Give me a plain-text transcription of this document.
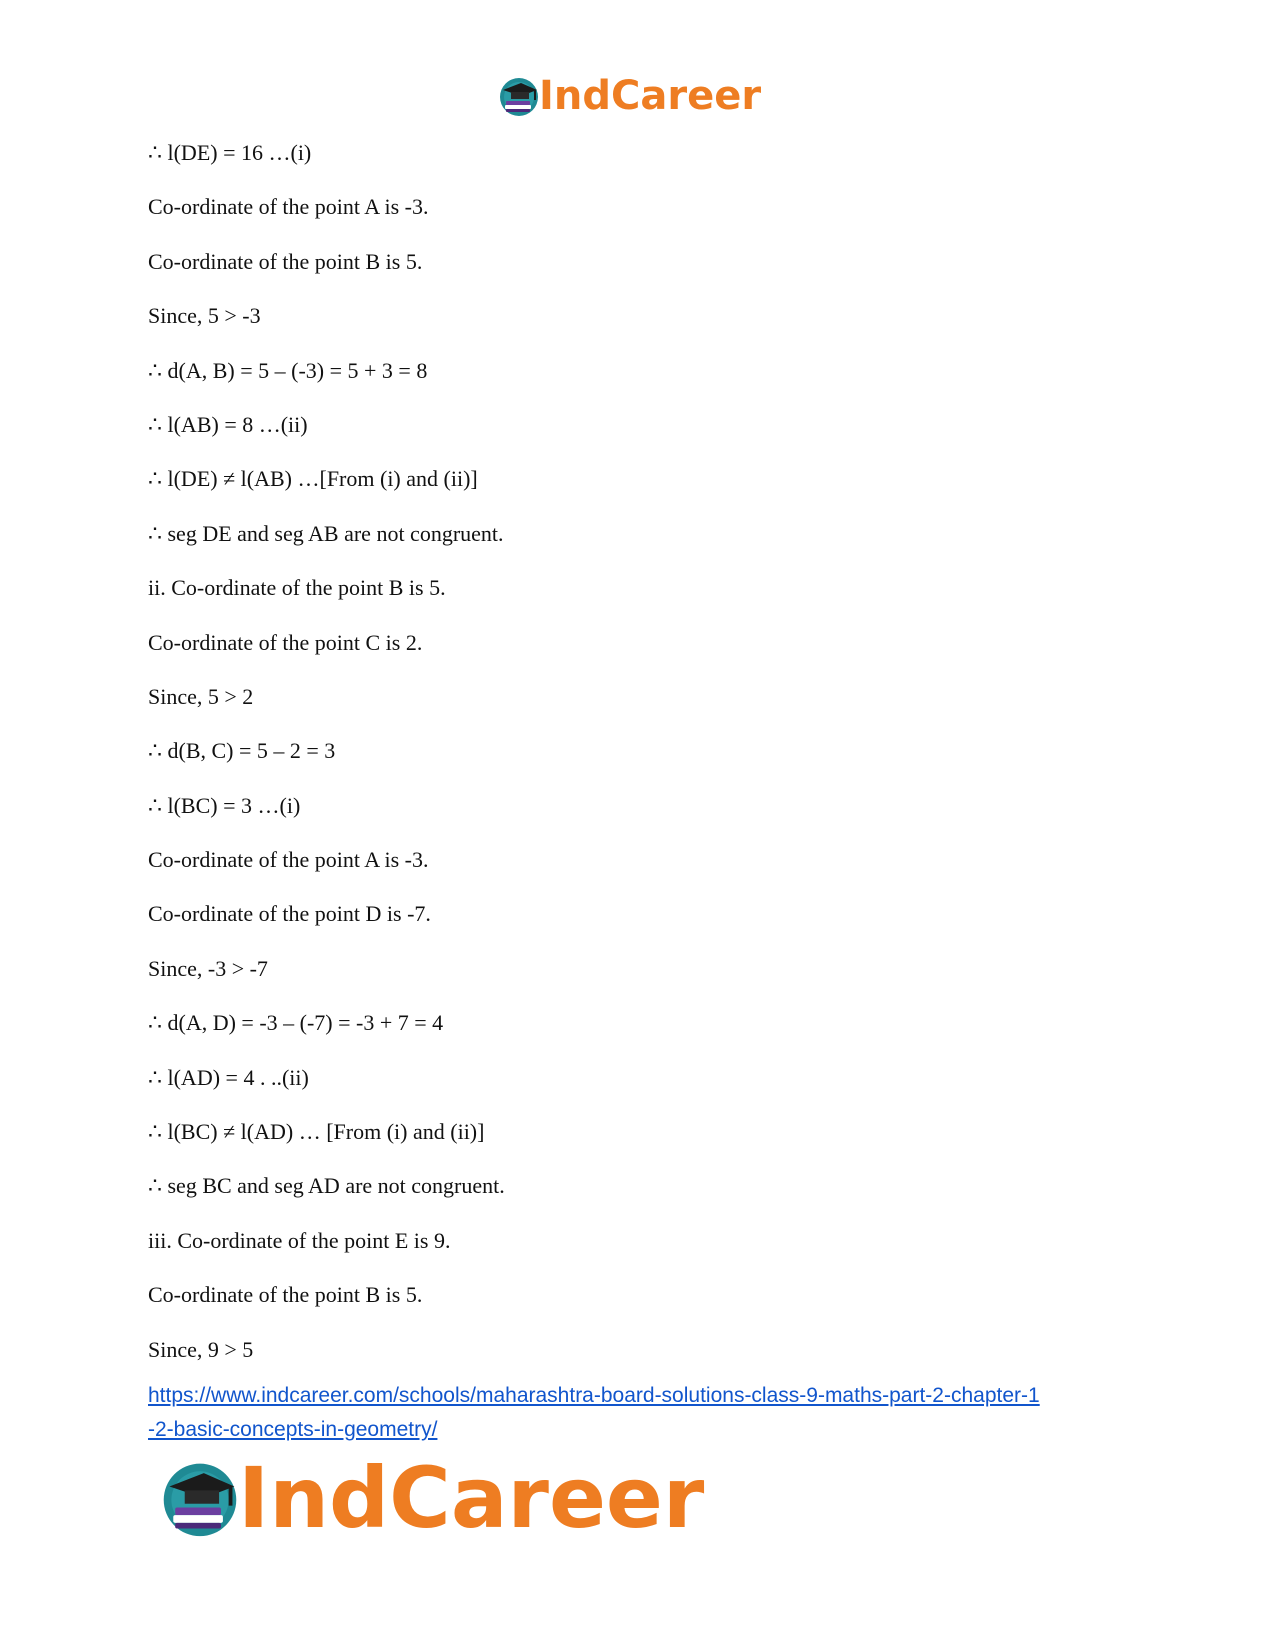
IndCareer
∴ l(DE) = 16 …(i)
Co-ordinate of the point A is -3.
Co-ordinate of the point B is 5.
Since, 5 > -3
∴ d(A, B) = 5 – (-3) = 5 + 3 = 8
∴ l(AB) = 8 …(ii)
∴ l(DE) ≠ l(AB) …[From (i) and (ii)]
∴ seg DE and seg AB are not congruent.
ii. Co-ordinate of the point B is 5.
Co-ordinate of the point C is 2.
Since, 5 > 2
∴ d(B, C) = 5 – 2 = 3
∴ l(BC) = 3 …(i)
Co-ordinate of the point A is -3.
Co-ordinate of the point D is -7.
Since, -3 > -7
∴ d(A, D) = -3 – (-7) = -3 + 7 = 4
∴ l(AD) = 4 . ..(ii)
∴ l(BC) ≠ l(AD) … [From (i) and (ii)]
∴ seg BC and seg AD are not congruent.
iii. Co-ordinate of the point E is 9.
Co-ordinate of the point B is 5.
Since, 9 > 5
https://www.indcareer.com/schools/maharashtra-board-solutions-class-9-maths-part-2-chapter-1
-2-basic-concepts-in-geometry/
IndCareer
